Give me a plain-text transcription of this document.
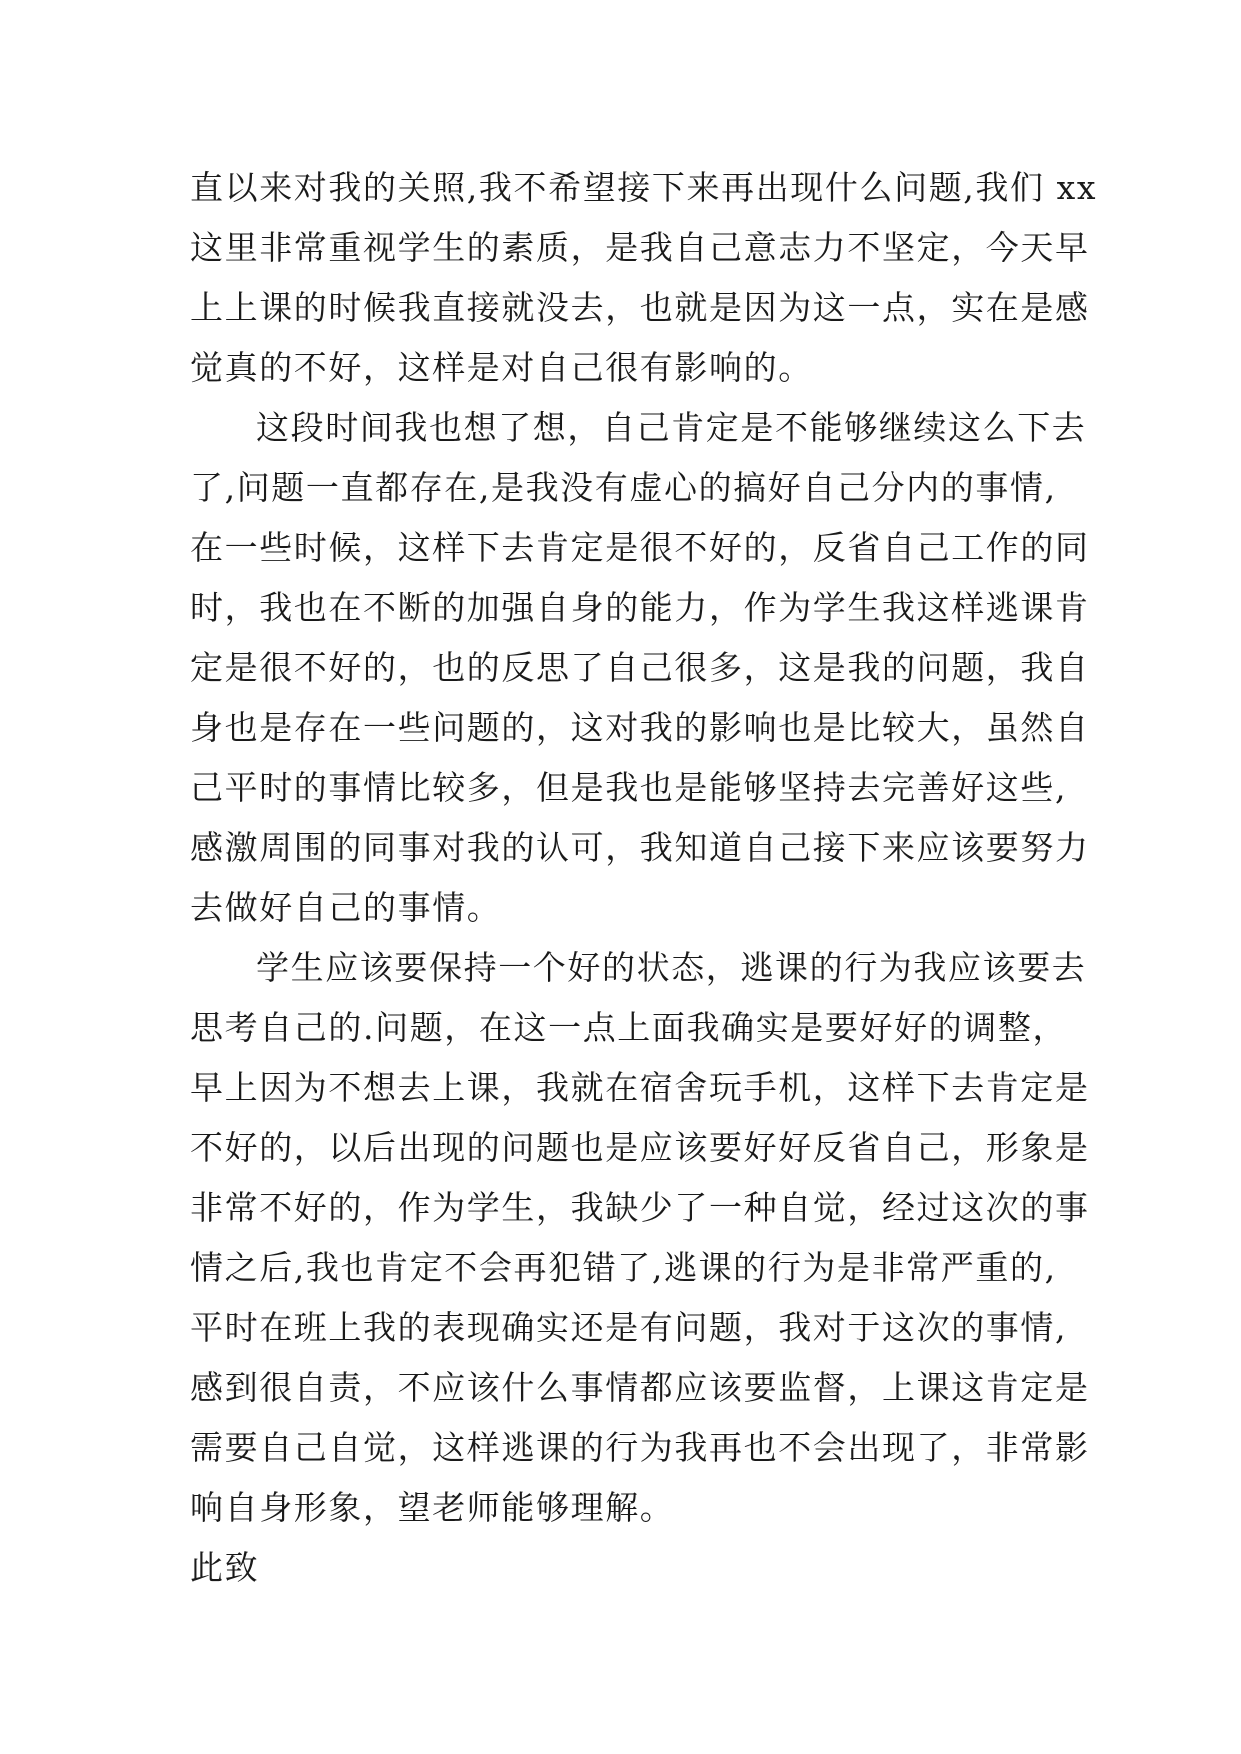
直以来对我的关照,我不希望接下来再出现什么问题,我们 xx
这里非常重视学生的素质，是我自己意志力不坚定，今天早
上上课的时候我直接就没去，也就是因为这一点，实在是感
觉真的不好，这样是对自己很有影响的。
这段时间我也想了想，自己肯定是不能够继续这么下去
了,问题一直都存在,是我没有虚心的搞好自己分内的事情,
在一些时候，这样下去肯定是很不好的，反省自己工作的同
时，我也在不断的加强自身的能力，作为学生我这样逃课肯
定是很不好的，也的反思了自己很多，这是我的问题，我自
身也是存在一些问题的，这对我的影响也是比较大，虽然自
己平时的事情比较多，但是我也是能够坚持去完善好这些,
感激周围的同事对我的认可，我知道自己接下来应该要努力
去做好自己的事情。
学生应该要保持一个好的状态，逃课的行为我应该要去
思考自己的.问题，在这一点上面我确实是要好好的调整，
早上因为不想去上课，我就在宿舍玩手机，这样下去肯定是
不好的，以后出现的问题也是应该要好好反省自己，形象是
非常不好的，作为学生，我缺少了一种自觉，经过这次的事
情之后,我也肯定不会再犯错了,逃课的行为是非常严重的,
平时在班上我的表现确实还是有问题，我对于这次的事情,
感到很自责，不应该什么事情都应该要监督，上课这肯定是
需要自己自觉，这样逃课的行为我再也不会出现了，非常影
响自身形象，望老师能够理解。
此致
